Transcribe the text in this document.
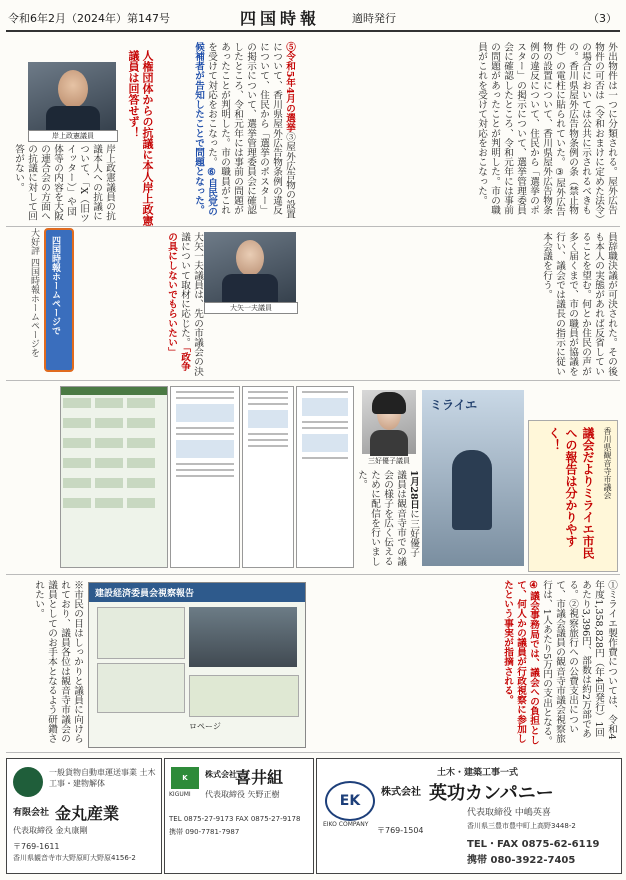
令和6年2月（2024年）第147号	四国時報	適時発行	（3）
外出物件は一つに分類される。屋外広告物件の可否は（令和おまけに定めた法令）の場合においては公共に示されるべきもの。香川県屋外広告物条例の条（禁止物件）の電柱に貼られていた。③屋外広告物の設置について、香川県屋外広告物条例の違反について、住民から「選挙のポスター」の掲示について、選挙管理委員会に確認したところ、令和元年には事前の問題があったことが判明した。市の職員がこれを受けて対応をおこなった。
岸上政憲議員	人権団体からの抗議に本人岸上政憲議員は回答せず！
岸上政憲議員の抗議本人への抗議について、「X（旧ツイッター）」や団体等の内容を大阪の連合会の方面への抗議に対して回答がない。
⑤令和5年4月の選挙③屋外広告物の設置について、香川県屋外広告物条例の違反について、住民から「選挙のポスター」の掲示について、選挙管理委員会に確認したところ、令和元年には事前の問題があったことが判明した。市の職員がこれを受けて対応をおこなった。⑥自民党の候補者が告知したことで問題となった。
大好評 四国時報ホームページを	四国時報ホームページで	大矢一夫議員は、先の市議会の決議について取材に応じた。「政争の具にしないでもらいたい」	大矢一夫議員	員辞職決議が可決された。その後も本人の実態があれば反省していることを望む。何とか住民の声が多く届くまで、市の職員が協議を行い、議会では議長の指示に従い本会議を行う。
三好優子議員
1月28日に三好優子議員は観音寺市での議会の様子を広く伝えるために配信を行いました。
ミライエ
香川県観音寺市議会
議会だよりミライエ市民への報告は分かりやすく！
※市民の目はしっかりと議員に向けられており、議員各位は観音寺市議会の議員としてのお手本となるよう研鑽されたい。	建設経済委員会視察報告
ロページ	①ミライエ製作費については、令和4年度1,358,828円（年4回発行）1回あたり3,396円、部数は約2万部である。②視察旅行への公費支出について、市議会議員の観音寺市議会視察旅行は、1人あたり5万円の支出となる。④議会事務局では、議会への負担として、何人かの議員が行政視察に参加したという事実が指摘される。
一般貨物自動車運送事業 土木工事・建物解体
有限会社 金丸産業
代表取締役 金丸康剛
〒769-1611
香川県観音寺市大野原町大野原4156-2
K
KIGUMI
株式会社
喜井組
代表取締役 矢野正樹
TEL 0875-27-9173 FAX 0875-27-9178
携帯 090-7781-7987
土木・建築工事一式
EK
EIKO COMPANY
株式会社 英功カンパニー
代表取締役 中嶋英喜
〒769-1504	香川県三豊市豊中町上高野3448-2
TEL・FAX 0875-62-6119
携帯 080-3922-7405
